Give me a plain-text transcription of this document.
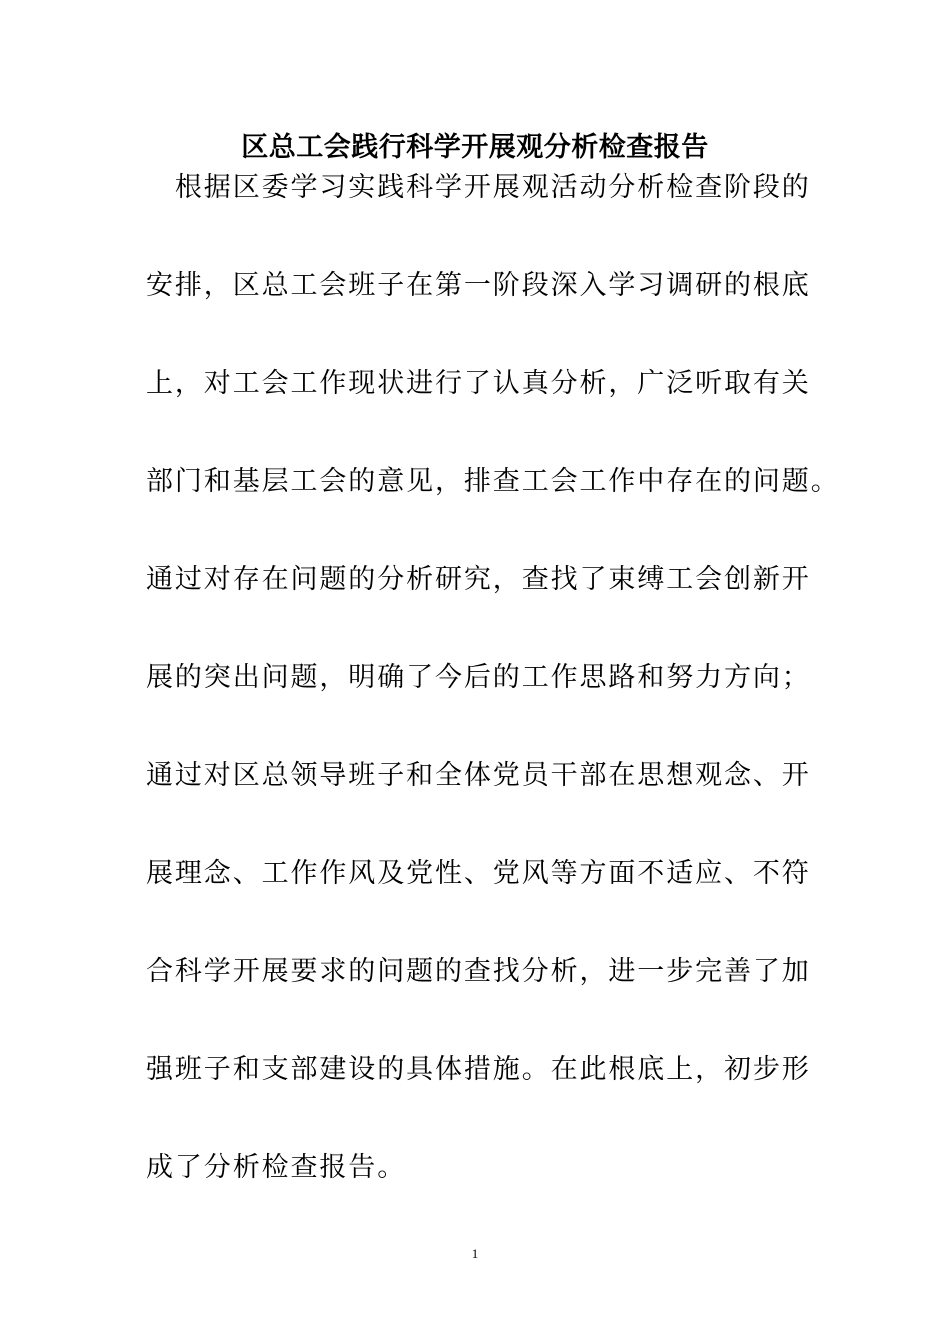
区总工会践行科学开展观分析检查报告
　根据区委学习实践科学开展观活动分析检查阶段的
安排，区总工会班子在第一阶段深入学习调研的根底
上，对工会工作现状进行了认真分析，广泛听取有关
部门和基层工会的意见，排查工会工作中存在的问题。
通过对存在问题的分析研究，查找了束缚工会创新开
展的突出问题，明确了今后的工作思路和努力方向；
通过对区总领导班子和全体党员干部在思想观念、开
展理念、工作作风及党性、党风等方面不适应、不符
合科学开展要求的问题的查找分析，进一步完善了加
强班子和支部建设的具体措施。在此根底上，初步形
成了分析检查报告。
1
